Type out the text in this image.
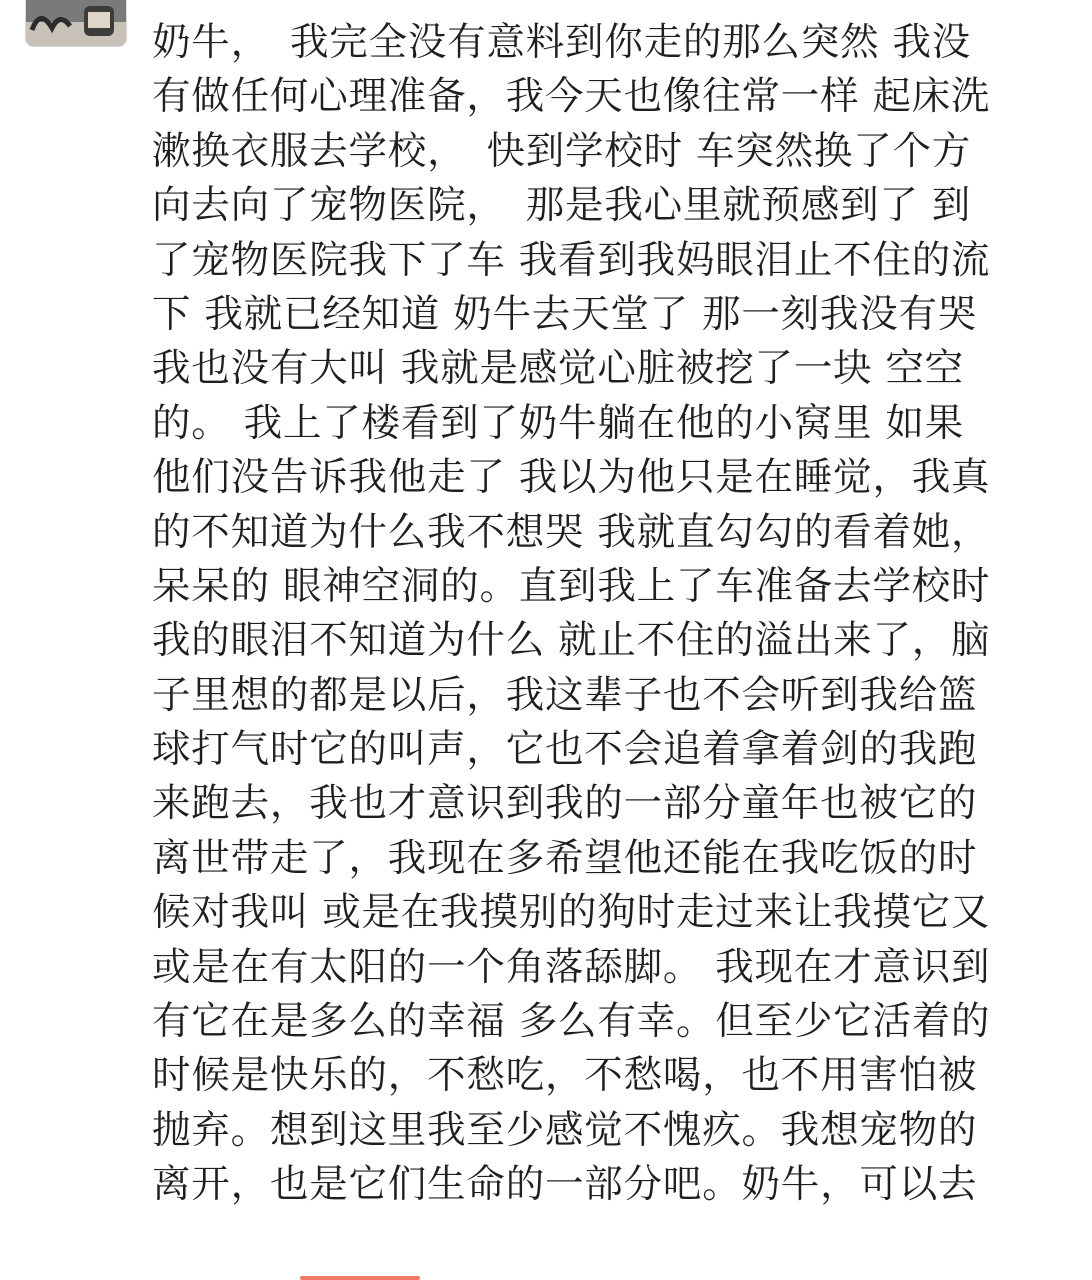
奶牛，　我完全没有意料到你走的那么突然 我没
有做任何心理准备，我今天也像往常一样 起床洗
漱换衣服去学校，　快到学校时 车突然换了个方
向去向了宠物医院，　那是我心里就预感到了 到
了宠物医院我下了车 我看到我妈眼泪止不住的流
下 我就已经知道 奶牛去天堂了 那一刻我没有哭
我也没有大叫 我就是感觉心脏被挖了一块 空空
的。 我上了楼看到了奶牛躺在他的小窝里 如果
他们没告诉我他走了 我以为他只是在睡觉，我真
的不知道为什么我不想哭 我就直勾勾的看着她，
呆呆的 眼神空洞的。直到我上了车准备去学校时
我的眼泪不知道为什么 就止不住的溢出来了，脑
子里想的都是以后，我这辈子也不会听到我给篮
球打气时它的叫声，它也不会追着拿着剑的我跑
来跑去，我也才意识到我的一部分童年也被它的
离世带走了，我现在多希望他还能在我吃饭的时
候对我叫 或是在我摸别的狗时走过来让我摸它又
或是在有太阳的一个角落舔脚。 我现在才意识到
有它在是多么的幸福 多么有幸。但至少它活着的
时候是快乐的，不愁吃，不愁喝，也不用害怕被
抛弃。想到这里我至少感觉不愧疚。我想宠物的
离开，也是它们生命的一部分吧。奶牛，可以去
